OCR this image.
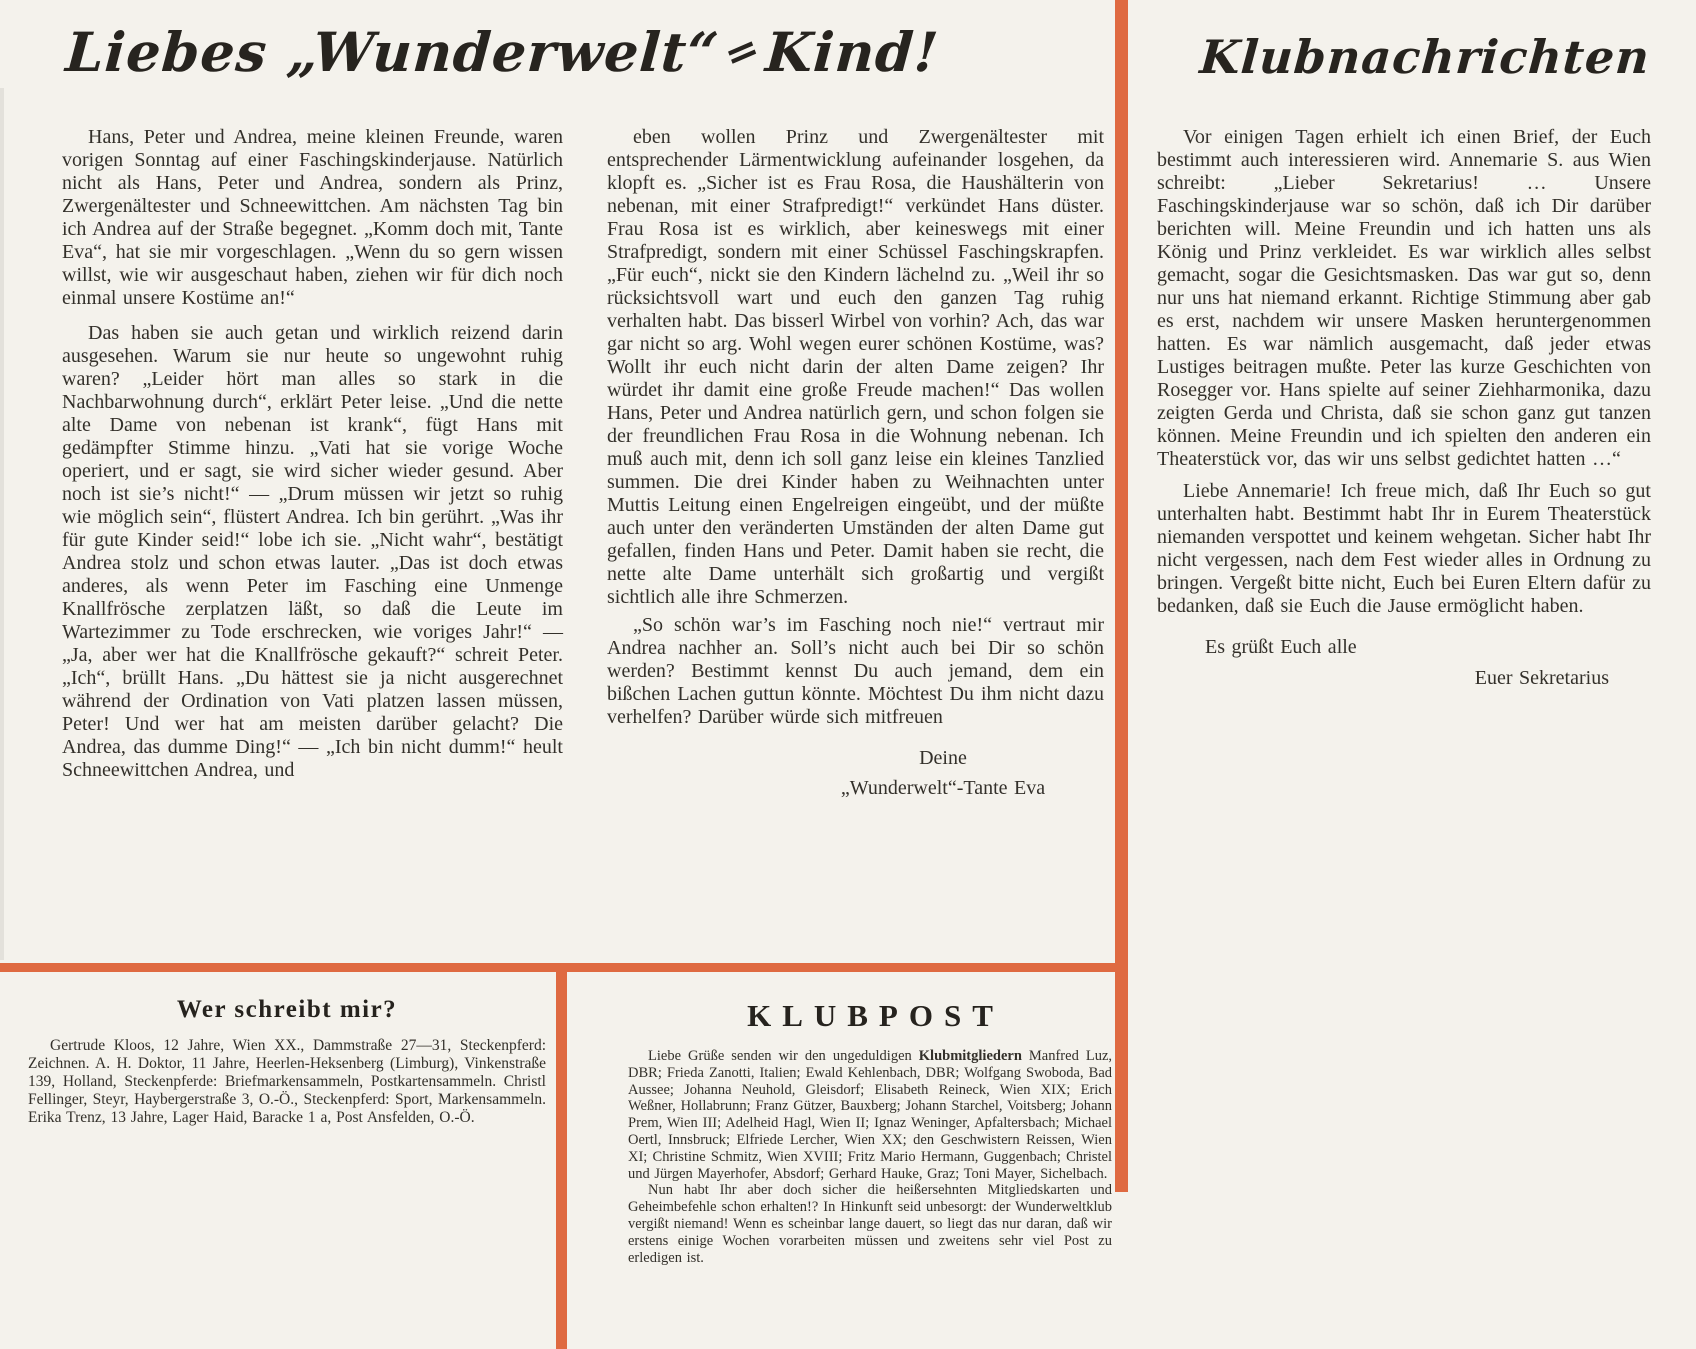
Liebes „Wunderwelt“=Kind!

Hans, Peter und Andrea, meine kleinen Freunde, waren vorigen Sonntag auf einer Faschingskinderjause. Natürlich nicht als Hans, Peter und Andrea, sondern als Prinz, Zwergenältester und Schneewittchen. Am nächsten Tag bin ich Andrea auf der Straße begegnet. „Komm doch mit, Tante Eva“, hat sie mir vorgeschlagen. „Wenn du so gern wissen willst, wie wir ausgeschaut haben, ziehen wir für dich noch einmal unsere Kostüme an!“

Das haben sie auch getan und wirklich reizend darin ausgesehen. Warum sie nur heute so ungewohnt ruhig waren? „Leider hört man alles so stark in die Nachbarwohnung durch“, erklärt Peter leise. „Und die nette alte Dame von nebenan ist krank“, fügt Hans mit gedämpfter Stimme hinzu. „Vati hat sie vorige Woche operiert, und er sagt, sie wird sicher wieder gesund. Aber noch ist sie’s nicht!“ — „Drum müssen wir jetzt so ruhig wie möglich sein“, flüstert Andrea. Ich bin gerührt. „Was ihr für gute Kinder seid!“ lobe ich sie. „Nicht wahr“, bestätigt Andrea stolz und schon etwas lauter. „Das ist doch etwas anderes, als wenn Peter im Fasching eine Unmenge Knallfrösche zerplatzen läßt, so daß die Leute im Wartezimmer zu Tode erschrecken, wie voriges Jahr!“ — „Ja, aber wer hat die Knallfrösche gekauft?“ schreit Peter. „Ich“, brüllt Hans. „Du hättest sie ja nicht ausgerechnet während der Ordination von Vati platzen lassen müssen, Peter! Und wer hat am meisten darüber gelacht? Die Andrea, das dumme Ding!“ — „Ich bin nicht dumm!“ heult Schneewittchen Andrea, und

eben wollen Prinz und Zwergenältester mit entsprechender Lärmentwicklung aufeinander losgehen, da klopft es. „Sicher ist es Frau Rosa, die Haushälterin von nebenan, mit einer Strafpredigt!“ verkündet Hans düster. Frau Rosa ist es wirklich, aber keineswegs mit einer Strafpredigt, sondern mit einer Schüssel Faschingskrapfen. „Für euch“, nickt sie den Kindern lächelnd zu. „Weil ihr so rücksichtsvoll wart und euch den ganzen Tag ruhig verhalten habt. Das bisserl Wirbel von vorhin? Ach, das war gar nicht so arg. Wohl wegen eurer schönen Kostüme, was? Wollt ihr euch nicht darin der alten Dame zeigen? Ihr würdet ihr damit eine große Freude machen!“ Das wollen Hans, Peter und Andrea natürlich gern, und schon folgen sie der freundlichen Frau Rosa in die Wohnung nebenan. Ich muß auch mit, denn ich soll ganz leise ein kleines Tanzlied summen. Die drei Kinder haben zu Weihnachten unter Muttis Leitung einen Engelreigen eingeübt, und der müßte auch unter den veränderten Umständen der alten Dame gut gefallen, finden Hans und Peter. Damit haben sie recht, die nette alte Dame unterhält sich großartig und vergißt sichtlich alle ihre Schmerzen.

„So schön war’s im Fasching noch nie!“ vertraut mir Andrea nachher an. Soll’s nicht auch bei Dir so schön werden? Bestimmt kennst Du auch jemand, dem ein bißchen Lachen guttun könnte. Möchtest Du ihm nicht dazu verhelfen? Darüber würde sich mitfreuen

Deine
„Wunderwelt“-Tante Eva
Klubnachrichten

Vor einigen Tagen erhielt ich einen Brief, der Euch bestimmt auch interessieren wird. Annemarie S. aus Wien schreibt: „Lieber Sekretarius! … Unsere Faschingskinderjause war so schön, daß ich Dir darüber berichten will. Meine Freundin und ich hatten uns als König und Prinz verkleidet. Es war wirklich alles selbst gemacht, sogar die Gesichtsmasken. Das war gut so, denn nur uns hat niemand erkannt. Richtige Stimmung aber gab es erst, nachdem wir unsere Masken heruntergenommen hatten. Es war nämlich ausgemacht, daß jeder etwas Lustiges beitragen mußte. Peter las kurze Geschichten von Rosegger vor. Hans spielte auf seiner Ziehharmonika, dazu zeigten Gerda und Christa, daß sie schon ganz gut tanzen können. Meine Freundin und ich spielten den anderen ein Theaterstück vor, das wir uns selbst gedichtet hatten …“

Liebe Annemarie! Ich freue mich, daß Ihr Euch so gut unterhalten habt. Bestimmt habt Ihr in Eurem Theaterstück niemanden verspottet und keinem wehgetan. Sicher habt Ihr nicht vergessen, nach dem Fest wieder alles in Ordnung zu bringen. Vergeßt bitte nicht, Euch bei Euren Eltern dafür zu bedanken, daß sie Euch die Jause ermöglicht haben.

Es grüßt Euch alle
Euer Sekretarius
Wer schreibt mir?

Gertrude Kloos, 12 Jahre, Wien XX., Dammstraße 27—31, Steckenpferd: Zeichnen. A. H. Doktor, 11 Jahre, Heerlen-Heksenberg (Limburg), Vinkenstraße 139, Holland, Steckenpferde: Briefmarkensammeln, Postkartensammeln. Christl Fellinger, Steyr, Haybergerstraße 3, O.-Ö., Steckenpferd: Sport, Markensammeln. Erika Trenz, 13 Jahre, Lager Haid, Baracke 1 a, Post Ansfelden, O.-Ö.

KLUBPOST

Liebe Grüße senden wir den ungeduldigen Klubmitgliedern Manfred Luz, DBR; Frieda Zanotti, Italien; Ewald Kehlenbach, DBR; Wolfgang Swoboda, Bad Aussee; Johanna Neuhold, Gleisdorf; Elisabeth Reineck, Wien XIX; Erich Weßner, Hollabrunn; Franz Gützer, Bauxberg; Johann Starchel, Voitsberg; Johann Prem, Wien III; Adelheid Hagl, Wien II; Ignaz Weninger, Apfaltersbach; Michael Oertl, Innsbruck; Elfriede Lercher, Wien XX; den Geschwistern Reissen, Wien XI; Christine Schmitz, Wien XVIII; Fritz Mario Hermann, Guggenbach; Christel und Jürgen Mayerhofer, Absdorf; Gerhard Hauke, Graz; Toni Mayer, Sichelbach.

Nun habt Ihr aber doch sicher die heißersehnten Mitgliedskarten und Geheimbefehle schon erhalten!? In Hinkunft seid unbesorgt: der Wunderweltklub vergißt niemand! Wenn es scheinbar lange dauert, so liegt das nur daran, daß wir erstens einige Wochen vorarbeiten müssen und zweitens sehr viel Post zu erledigen ist.
